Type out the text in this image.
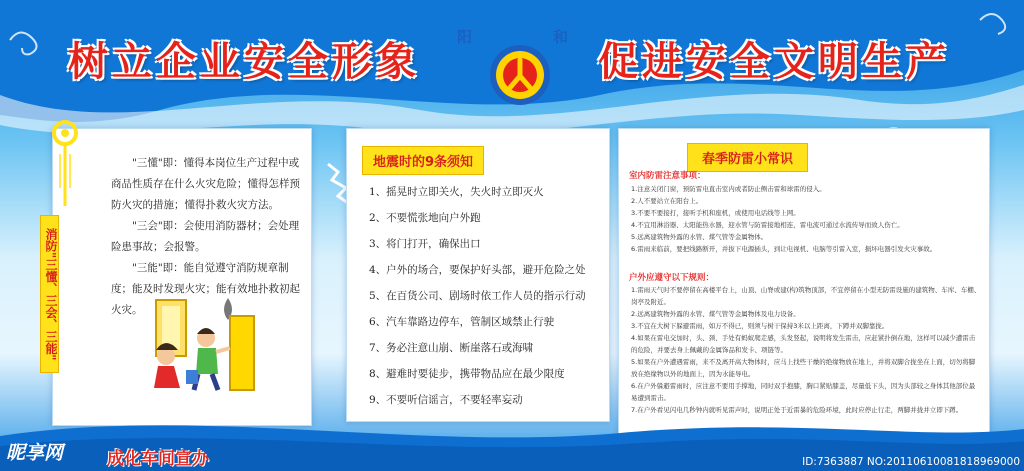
树立企业安全形象	促进安全文明生产
阳	和

"三懂"即：懂得本岗位生产过程中或商品性质存在什么火灾危险；懂得怎样预防火灾的措施；懂得扑救火灾方法。

"三会"即：会使用消防器材；会处理险患事故；会报警。

"三能"即：能自觉遵守消防规章制度；能及时发现火灾；能有效地扑救初起火灾。

消防"三懂、三会、三能"
地震时的9条须知
1、摇晃时立即关火，失火时立即灭火
2、不要慌张地向户外跑
3、将门打开，确保出口
4、户外的场合，要保护好头部，避开危险之处
5、在百货公司、剧场时依工作人员的指示行动
6、汽车靠路边停车，管制区域禁止行驶
7、务必注意山崩、断崖落石或海啸
8、避难时要徒步，携带物品应在最少限度
9、不要听信谣言，不要轻率妄动
春季防雷小常识
室内防雷注意事项：
1.注意关闭门窗，预防雷电直击室内或者防止侧击雷和球雷的侵入。
2.人不要站立在阳台上。
3.不要不要接打，接听手机和座机，或使用电话线等上网。
4.不宜用淋浴器、太阳能热水器，迎水管与防雷接地相连，雷电流可通过水流传导而致人伤亡。
5.远离建筑物外露的水管、煤气管等金属物体。
6.雷雨来临前，要把线路断开，并拔下电源插头，到让电视机、电脑等引雷入室，损坏电器引发火灾事故。
户外应遵守以下规则：
1.雷雨天气时不要停留在高楼平台上，山顶、山脊或建(构)筑物顶部，不宜停留在小型无防雷设施的建筑物、车库、车棚、岗亭及附近。
2.远离建筑物外露的水管、煤气管等金属物体及电力设备。
3.不宜在大树下躲避雷雨，如万不得已，则须与树干保持3米以上距离，下蹲并双脚靠拢。
4.如果在雷电交加时，头、颈、手处有蚂蚁爬走感，头发竖起，说明将发生雷击，应赶紧扑倒在地，这样可以减少遭雷击的危险，并要去身上佩戴的金属饰品和发卡、项链等。
5.如果在户外遭遇雷雨，来不及离开高大物体时，应马上找些干燥的绝缘物放在地上，并将双脚合拢坐在上面，切勿将脚放在绝缘物以外的地面上，因为水能导电。
6.在户外躲避雷雨时，应注意不要用手撑地，同时双手抱膝，胸口紧贴膝盖，尽量低下头，因为头部较之身体其他部位最易遭到雷击。
7.在户外看见闪电几秒钟内就听见雷声时，说明正处于近雷暴的危险环境，此时应停止行走，两脚并拢并立即下蹲。
昵享网	成化车间宣办	ID:7363887 NO:20110610081818969000
